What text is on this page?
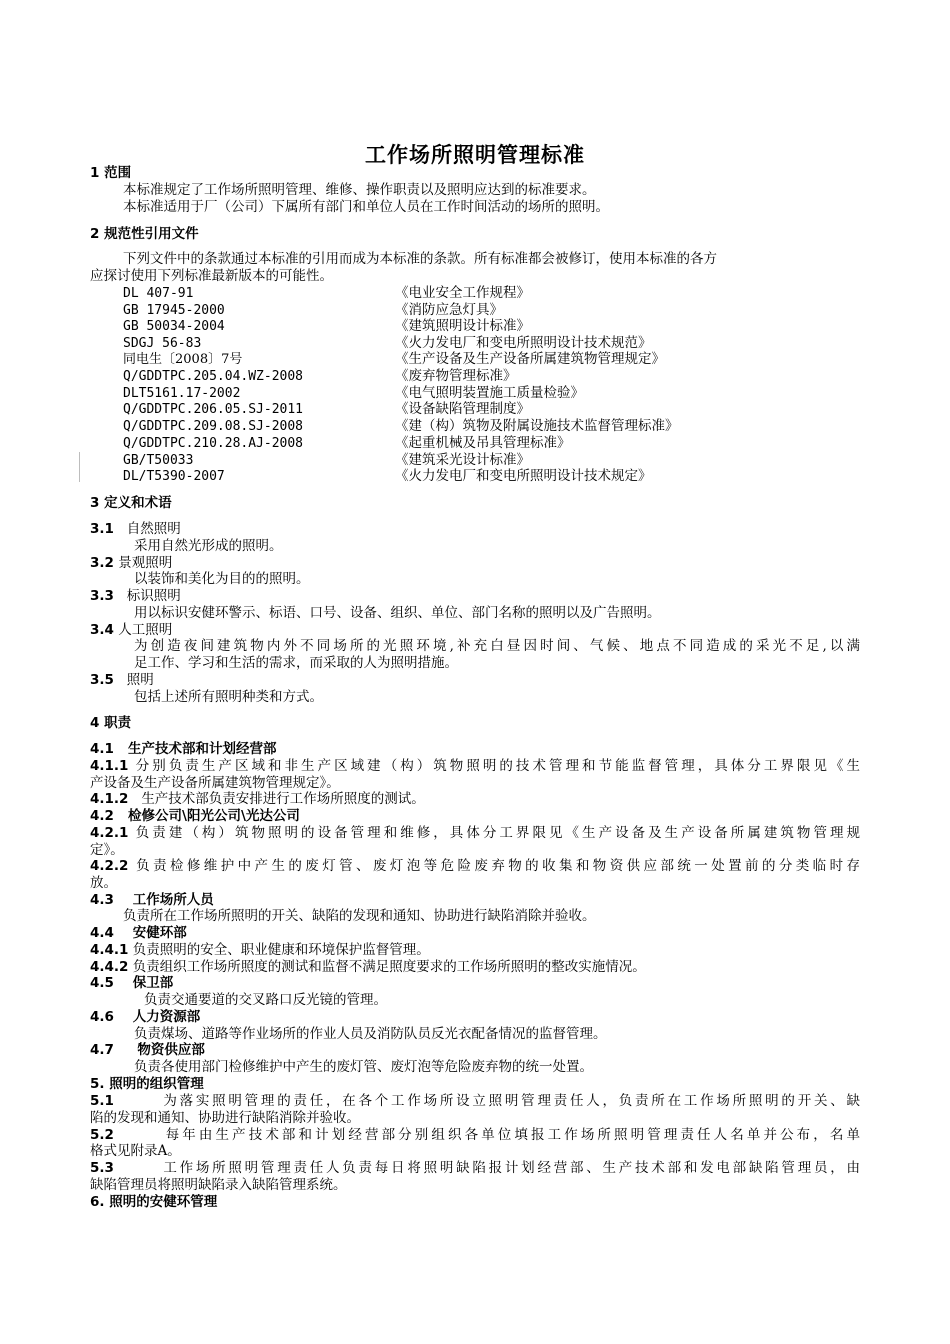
工作场所照明管理标准
1 范围
本标准规定了工作场所照明管理、维修、操作职责以及照明应达到的标准要求。
本标准适用于厂（公司）下属所有部门和单位人员在工作时间活动的场所的照明。
2 规范性引用文件
下列文件中的条款通过本标准的引用而成为本标准的条款。所有标准都会被修订，使用本标准的各方
应探讨使用下列标准最新版本的可能性。
DL 407-91	《电业安全工作规程》
GB 17945-2000	《消防应急灯具》
GB 50034-2004	《建筑照明设计标准》
SDGJ 56-83	《火力发电厂和变电所照明设计技术规范》
同电生〔2008〕7号	《生产设备及生产设备所属建筑物管理规定》
Q/GDDTPC.205.04.WZ-2008	《废弃物管理标准》
DLT5161.17-2002	《电气照明装置施工质量检验》
Q/GDDTPC.206.05.SJ-2011	《设备缺陷管理制度》
Q/GDDTPC.209.08.SJ-2008	《建（构）筑物及附属设施技术监督管理标准》
Q/GDDTPC.210.28.AJ-2008	《起重机械及吊具管理标准》
GB/T50033	《建筑采光设计标准》
DL/T5390-2007	《火力发电厂和变电所照明设计技术规定》
3 定义和术语
3.1 自然照明
采用自然光形成的照明。
3.2 景观照明
以装饰和美化为目的的照明。
3.3 标识照明
用以标识安健环警示、标语、口号、设备、组织、单位、部门名称的照明以及广告照明。
3.4 人工照明
为创造夜间建筑物内外不同场所的光照环境,补充白昼因时间、气候、地点不同造成的采光不足,以满
足工作、学习和生活的需求，而采取的人为照明措施。
3.5 照明
包括上述所有照明种类和方式。
4 职责
4.1 生产技术部和计划经营部
4.1.1 分别负责生产区域和非生产区域建（构）筑物照明的技术管理和节能监督管理，具体分工界限见《生
产设备及生产设备所属建筑物管理规定》。
4.1.2 生产技术部负责安排进行工作场所照度的测试。
4.2 检修公司\阳光公司\光达公司
4.2.1 负责建（构）筑物照明的设备管理和维修，具体分工界限见《生产设备及生产设备所属建筑物管理规
定》。
4.2.2 负责检修维护中产生的废灯管、废灯泡等危险废弃物的收集和物资供应部统一处置前的分类临时存
放。
4.3 工作场所人员
负责所在工作场所照明的开关、缺陷的发现和通知、协助进行缺陷消除并验收。
4.4 安健环部
4.4.1 负责照明的安全、职业健康和环境保护监督管理。
4.4.2 负责组织工作场所照度的测试和监督不满足照度要求的工作场所照明的整改实施情况。
4.5 保卫部
负责交通要道的交叉路口反光镜的管理。
4.6 人力资源部
负责煤场、道路等作业场所的作业人员及消防队员反光衣配备情况的监督管理。
4.7 物资供应部
负责各使用部门检修维护中产生的废灯管、废灯泡等危险废弃物的统一处置。
5. 照明的组织管理
5.1	为落实照明管理的责任，在各个工作场所设立照明管理责任人，负责所在工作场所照明的开关、缺
陷的发现和通知、协助进行缺陷消除并验收。
5.2	每年由生产技术部和计划经营部分别组织各单位填报工作场所照明管理责任人名单并公布，名单
格式见附录A。
5.3	工作场所照明管理责任人负责每日将照明缺陷报计划经营部、生产技术部和发电部缺陷管理员，由
缺陷管理员将照明缺陷录入缺陷管理系统。
6. 照明的安健环管理
